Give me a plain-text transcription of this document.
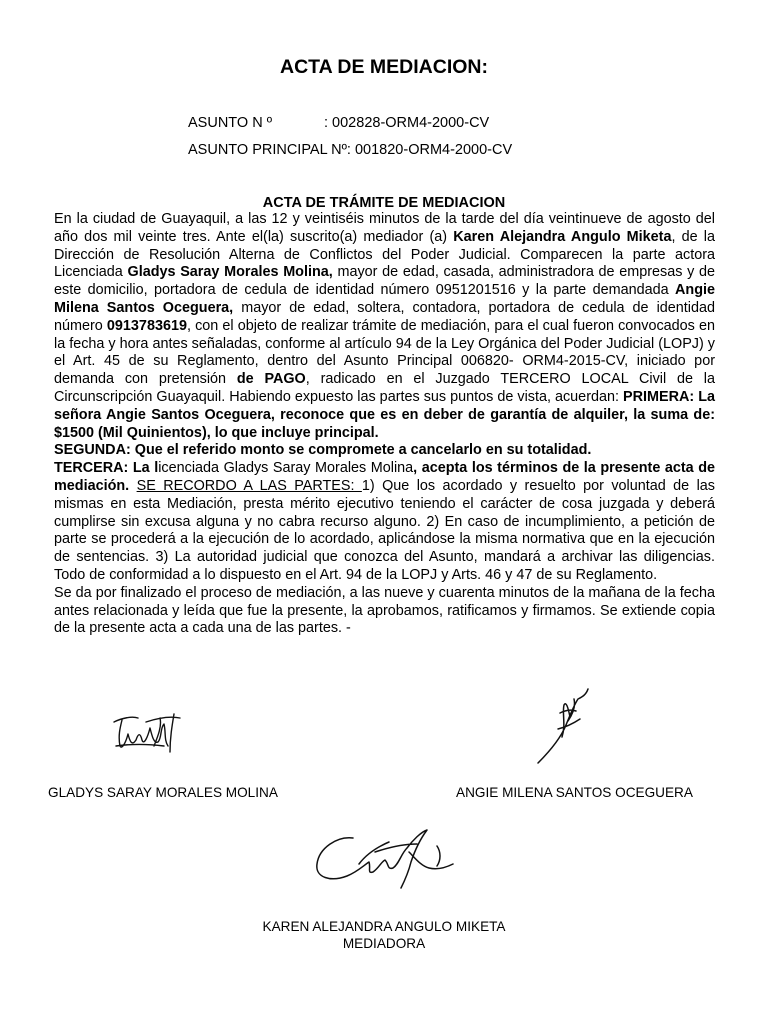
ACTA DE MEDIACION:
ASUNTO N º	: 002828-ORM4-2000-CV
ASUNTO PRINCIPAL Nº: 001820-ORM4-2000-CV
ACTA DE TRÁMITE DE MEDIACION

En la ciudad de Guayaquil, a las 12 y veintiséis minutos de la tarde del día veintinueve de agosto del año dos mil veinte tres. Ante el(la) suscrito(a) mediador (a) Karen Alejandra Angulo Miketa, de la Dirección de Resolución Alterna de Conflictos del Poder Judicial. Comparecen la parte actora Licenciada Gladys Saray Morales Molina, mayor de edad, casada, administradora de empresas y de este domicilio, portadora de cedula de identidad número 0951201516 y la parte demandada Angie Milena Santos Oceguera, mayor de edad, soltera, contadora, portadora de cedula de identidad número 0913783619, con el objeto de realizar trámite de mediación, para el cual fueron convocados en la fecha y hora antes señaladas, conforme al artículo 94 de la Ley Orgánica del Poder Judicial (LOPJ) y el Art. 45 de su Reglamento, dentro del Asunto Principal 006820- ORM4-2015-CV, iniciado por demanda con pretensión de PAGO, radicado en el Juzgado TERCERO LOCAL Civil de la Circunscripción Guayaquil. Habiendo expuesto las partes sus puntos de vista, acuerdan: PRIMERA: La señora Angie Santos Oceguera, reconoce que es en deber de garantía de alquiler, la suma de: $1500 (Mil Quinientos), lo que incluye principal.
SEGUNDA: Que el referido monto se compromete a cancelarlo en su totalidad.

TERCERA: La licenciada Gladys Saray Morales Molina, acepta los términos de la presente acta de mediación. SE RECORDO A LAS PARTES: 1) Que los acordado y resuelto por voluntad de las mismas en esta Mediación, presta mérito ejecutivo teniendo el carácter de cosa juzgada y deberá cumplirse sin excusa alguna y no cabra recurso alguno. 2) En caso de incumplimiento, a petición de parte se procederá a la ejecución de lo acordado, aplicándose la misma normativa que en la ejecución de sentencias. 3) La autoridad judicial que conozca del Asunto, mandará a archivar las diligencias. Todo de conformidad a lo dispuesto en el Art. 94 de la LOPJ y Arts. 46 y 47 de su Reglamento.

Se da por finalizado el proceso de mediación, a las nueve y cuarenta minutos de la mañana de la fecha antes relacionada y leída que fue la presente, la aprobamos, ratificamos y firmamos. Se extiende copia de la presente acta a cada una de las partes. -

GLADYS SARAY MORALES MOLINA	ANGIE MILENA SANTOS OCEGUERA
KAREN ALEJANDRA ANGULO MIKETA
MEDIADORA
